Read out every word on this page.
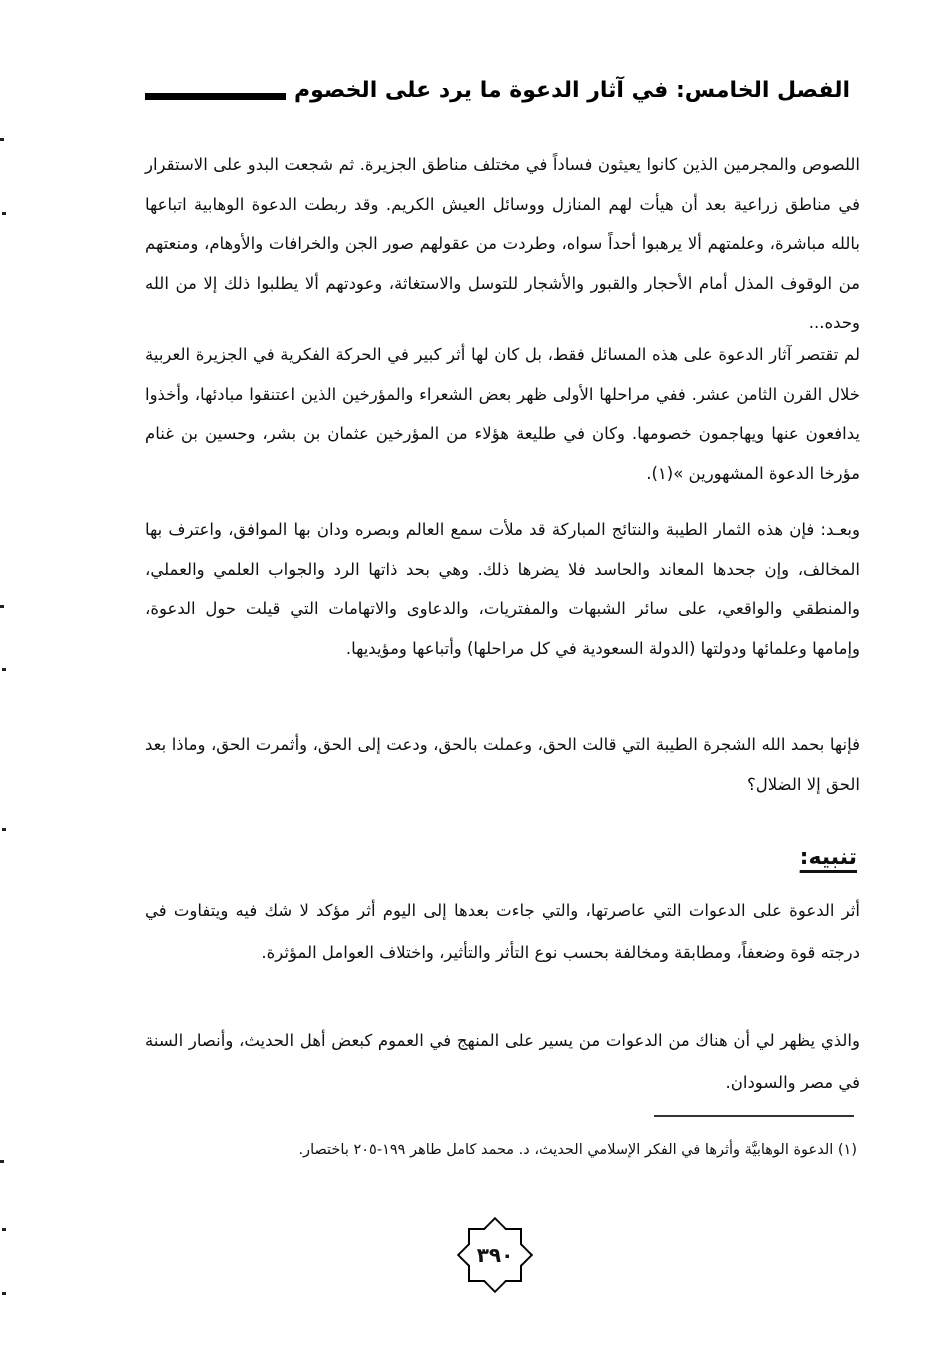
الفصل الخامس: في آثار الدعوة ما يرد على الخصوم

اللصوص والمجرمين الذين كانوا يعيثون فساداً في مختلف مناطق الجزيرة. ثم شجعت البدو على الاستقرار في مناطق زراعية بعد أن هيأت لهم المنازل ووسائل العيش الكريم. وقد ربطت الدعوة الوهابية اتباعها بالله مباشرة، وعلمتهم ألا يرهبوا أحداً سواه، وطردت من عقولهم صور الجن والخرافات والأوهام، ومنعتهم من الوقوف المذل أمام الأحجار والقبور والأشجار للتوسل والاستغاثة، وعودتهم ألا يطلبوا ذلك إلا من الله وحده...

لم تقتصر آثار الدعوة على هذه المسائل فقط، بل كان لها أثر كبير في الحركة الفكرية في الجزيرة العربية خلال القرن الثامن عشر. ففي مراحلها الأولى ظهر بعض الشعراء والمؤرخين الذين اعتنقوا مبادئها، وأخذوا يدافعون عنها ويهاجمون خصومها. وكان في طليعة هؤلاء من المؤرخين عثمان بن بشر، وحسين بن غنام مؤرخا الدعوة المشهورين »(١).

وبعـد: فإن هذه الثمار الطيبة والنتائج المباركة قد ملأت سمع العالم وبصره ودان بها الموافق، واعترف بها المخالف، وإن جحدها المعاند والحاسد فلا يضرها ذلك. وهي بحد ذاتها الرد والجواب العلمي والعملي، والمنطقي والواقعي، على سائر الشبهات والمفتريات، والدعاوى والاتهامات التي قيلت حول الدعوة، وإمامها وعلمائها ودولتها (الدولة السعودية في كل مراحلها) وأتباعها ومؤيديها.

فإنها بحمد الله الشجرة الطيبة التي قالت الحق، وعملت بالحق، ودعت إلى الحق، وأثمرت الحق، وماذا بعد الحق إلا الضلال؟

تنبيه:

أثر الدعوة على الدعوات التي عاصرتها، والتي جاءت بعدها إلى اليوم أثر مؤكد لا شك فيه ويتفاوت في درجته قوة وضعفاً، ومطابقة ومخالفة بحسب نوع التأثر والتأثير، واختلاف العوامل المؤثرة.

والذي يظهر لي أن هناك من الدعوات من يسير على المنهج في العموم كبعض أهل الحديث، وأنصار السنة في مصر والسودان.

(١) الدعوة الوهابيَّة وأثرها في الفكر الإسلامي الحديث، د. محمد كامل طاهر ١٩٩-٢٠٥ باختصار.
٣٩٠
